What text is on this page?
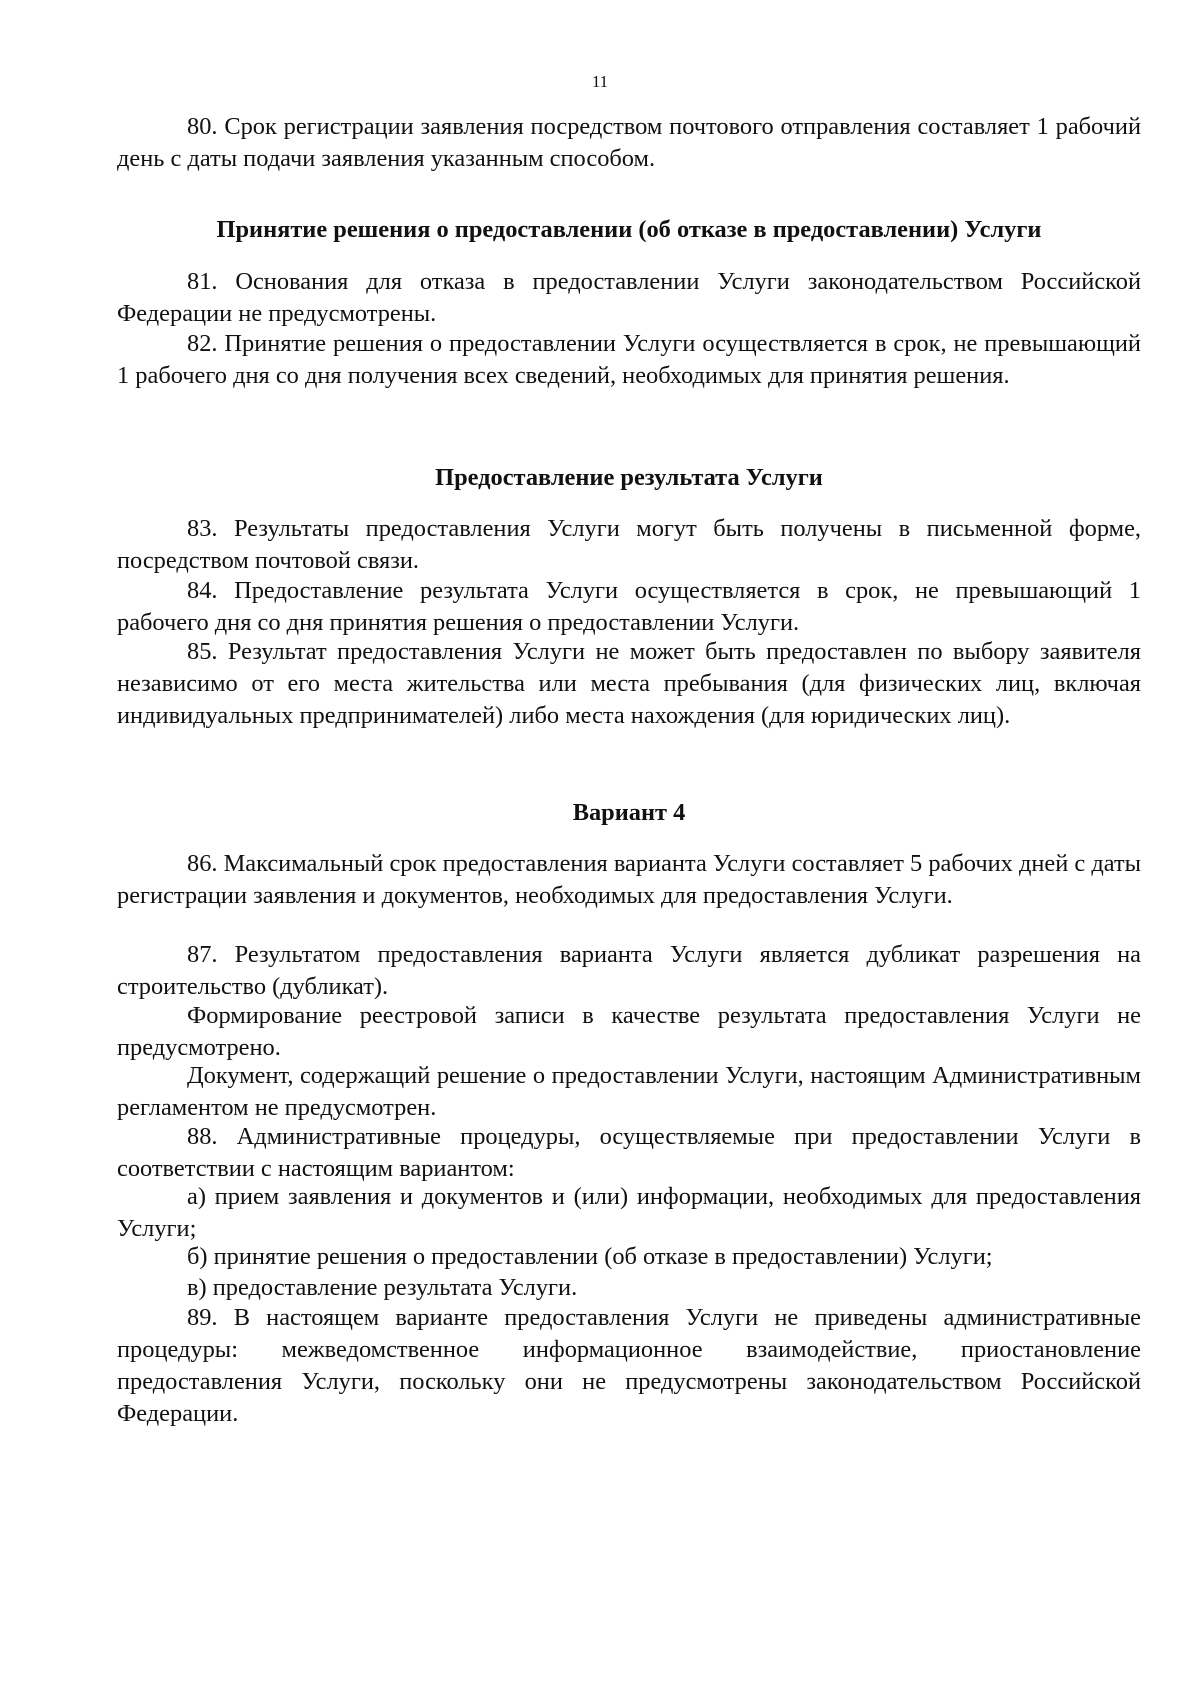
11

80. Срок регистрации заявления посредством почтового отправления составляет 1 рабочий день с даты подачи заявления указанным способом.

Принятие решения о предоставлении (об отказе в предоставлении) Услуги

81. Основания для отказа в предоставлении Услуги законодательством Российской Федерации не предусмотрены.

82. Принятие решения о предоставлении Услуги осуществляется в срок, не превышающий 1 рабочего дня со дня получения всех сведений, необходимых для принятия решения.

Предоставление результата Услуги

83. Результаты предоставления Услуги могут быть получены в письменной форме, посредством почтовой связи.

84. Предоставление результата Услуги осуществляется в срок, не превышающий 1 рабочего дня со дня принятия решения о предоставлении Услуги.

85. Результат предоставления Услуги не может быть предоставлен по выбору заявителя независимо от его места жительства или места пребывания (для физических лиц, включая индивидуальных предпринимателей) либо места нахождения (для юридических лиц).

Вариант 4

86. Максимальный срок предоставления варианта Услуги составляет 5 рабочих дней с даты регистрации заявления и документов, необходимых для предоставления Услуги.

87. Результатом предоставления варианта Услуги является дубликат разрешения на строительство (дубликат).

Формирование реестровой записи в качестве результата предоставления Услуги не предусмотрено.

Документ, содержащий решение о предоставлении Услуги, настоящим Административным регламентом не предусмотрен.

88. Административные процедуры, осуществляемые при предоставлении Услуги в соответствии с настоящим вариантом:

а) прием заявления и документов и (или) информации, необходимых для предоставления Услуги;

б) принятие решения о предоставлении (об отказе в предоставлении) Услуги;

в) предоставление результата Услуги.

89. В настоящем варианте предоставления Услуги не приведены административные процедуры: межведомственное информационное взаимодействие, приостановление предоставления Услуги, поскольку они не предусмотрены законодательством Российской Федерации.
